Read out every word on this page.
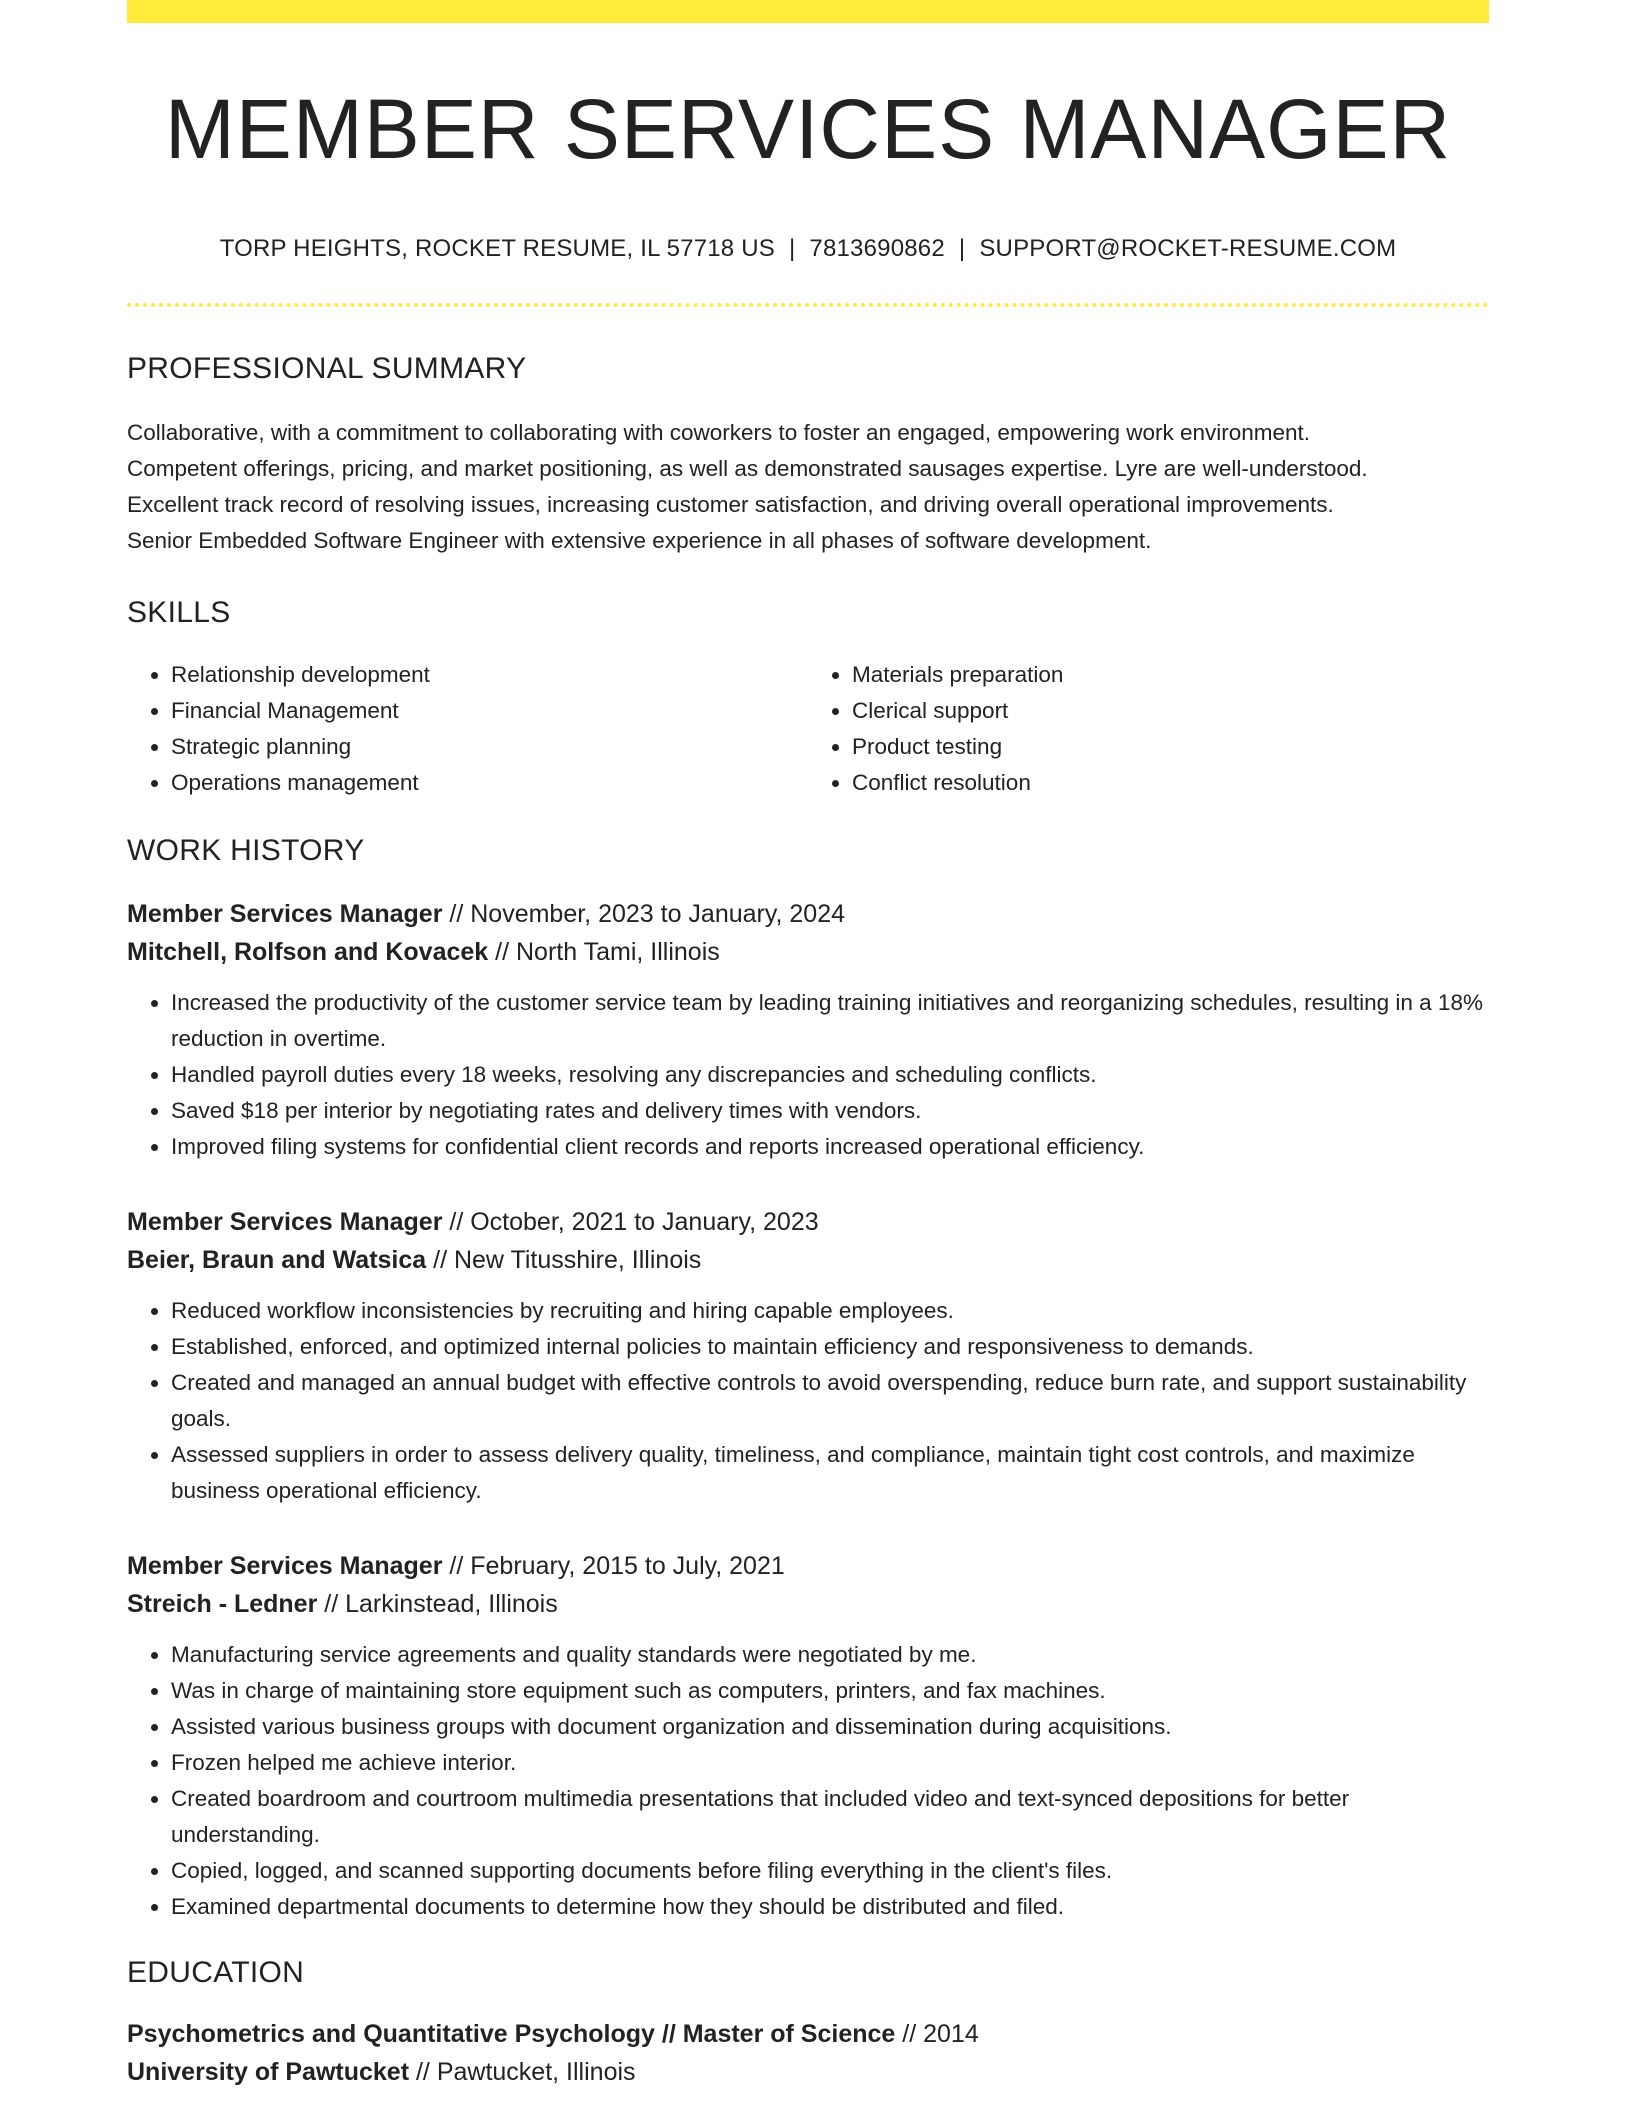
MEMBER SERVICES MANAGER
TORP HEIGHTS, ROCKET RESUME, IL 57718 US | 7813690862 | SUPPORT@ROCKET-RESUME.COM
PROFESSIONAL SUMMARY
Collaborative, with a commitment to collaborating with coworkers to foster an engaged, empowering work environment.
Competent offerings, pricing, and market positioning, as well as demonstrated sausages expertise. Lyre are well-understood.
Excellent track record of resolving issues, increasing customer satisfaction, and driving overall operational improvements.
Senior Embedded Software Engineer with extensive experience in all phases of software development.
SKILLS
• Relationship development
• Financial Management
• Strategic planning
• Operations management
• Materials preparation
• Clerical support
• Product testing
• Conflict resolution
WORK HISTORY
Member Services Manager // November, 2023 to January, 2024
Mitchell, Rolfson and Kovacek // North Tami, Illinois
• Increased the productivity of the customer service team by leading training initiatives and reorganizing schedules, resulting in a 18% reduction in overtime.
• Handled payroll duties every 18 weeks, resolving any discrepancies and scheduling conflicts.
• Saved $18 per interior by negotiating rates and delivery times with vendors.
• Improved filing systems for confidential client records and reports increased operational efficiency.
Member Services Manager // October, 2021 to January, 2023
Beier, Braun and Watsica // New Titusshire, Illinois
• Reduced workflow inconsistencies by recruiting and hiring capable employees.
• Established, enforced, and optimized internal policies to maintain efficiency and responsiveness to demands.
• Created and managed an annual budget with effective controls to avoid overspending, reduce burn rate, and support sustainability goals.
• Assessed suppliers in order to assess delivery quality, timeliness, and compliance, maintain tight cost controls, and maximize business operational efficiency.
Member Services Manager // February, 2015 to July, 2021
Streich - Ledner // Larkinstead, Illinois
• Manufacturing service agreements and quality standards were negotiated by me.
• Was in charge of maintaining store equipment such as computers, printers, and fax machines.
• Assisted various business groups with document organization and dissemination during acquisitions.
• Frozen helped me achieve interior.
• Created boardroom and courtroom multimedia presentations that included video and text-synced depositions for better understanding.
• Copied, logged, and scanned supporting documents before filing everything in the client's files.
• Examined departmental documents to determine how they should be distributed and filed.
EDUCATION
Psychometrics and Quantitative Psychology // Master of Science // 2014
University of Pawtucket // Pawtucket, Illinois
